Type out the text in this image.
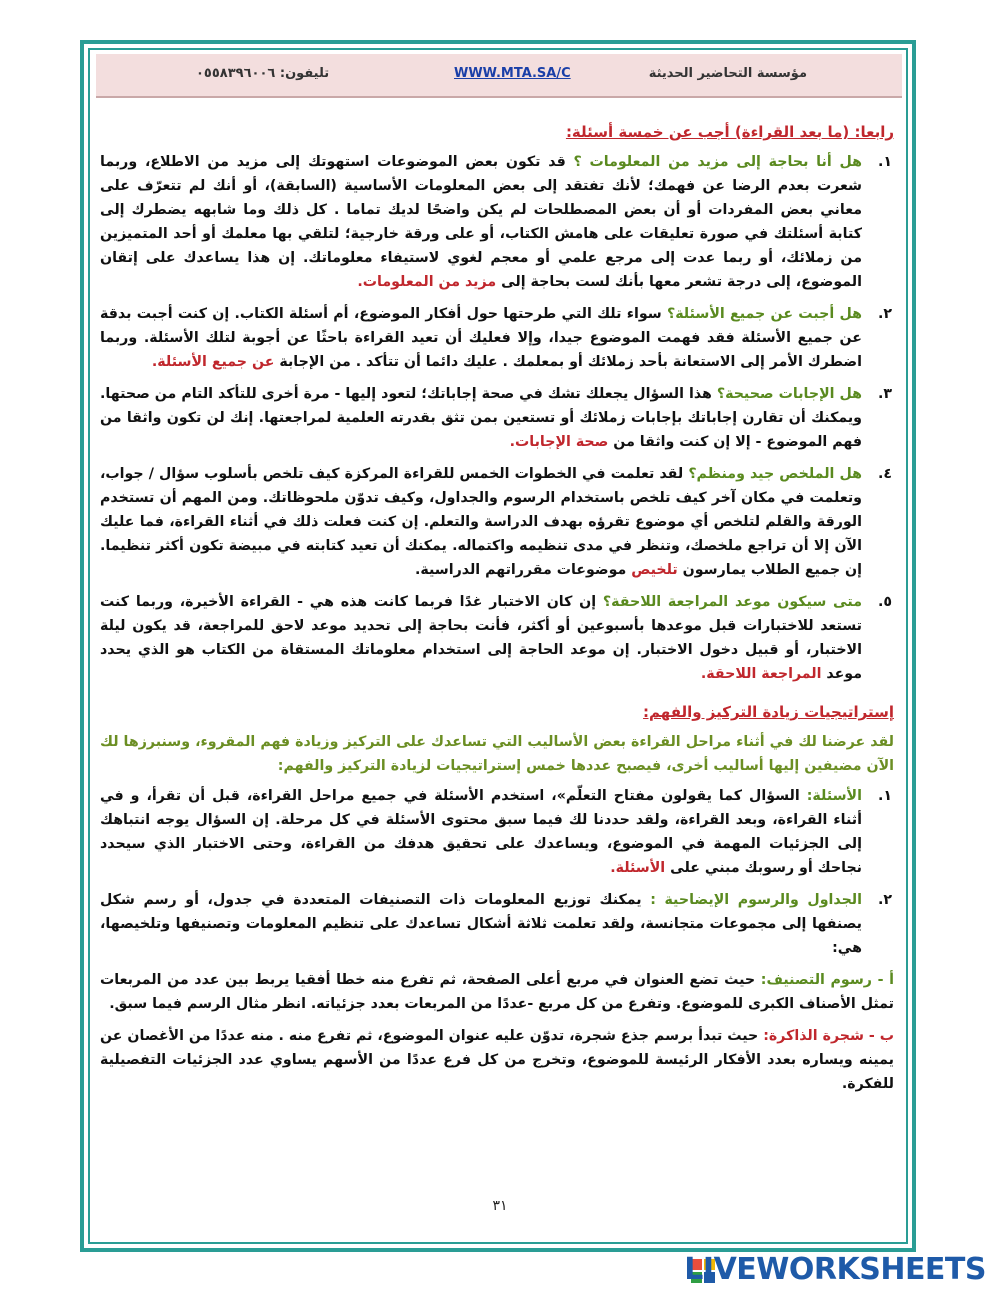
مؤسسة التحاضير الحديثة
WWW.MTA.SA/C
تليفون: ٠٥٥٨٣٩٦٠٠٦
رابعا: (ما بعد القراءة) أجب عن خمسة أسئلة:
١.
هل أنا بحاجة إلى مزيد من المعلومات ؟ قد تكون بعض الموضوعات استهوتك إلى مزيد من الاطلاع، وربما شعرت بعدم الرضا عن فهمك؛ لأنك تفتقد إلى بعض المعلومات الأساسية (السابقة)، أو أنك لم تتعرّف على معاني بعض المفردات أو أن بعض المصطلحات لم يكن واضحًا لديك تماما . كل ذلك وما شابهه يضطرك إلى كتابة أسئلتك في صورة تعليقات على هامش الكتاب، أو على ورقة خارجية؛ لتلقي بها معلمك أو أحد المتميزين من زملائك، أو ربما عدت إلى مرجع علمي أو معجم لغوي لاستيفاء معلوماتك. إن هذا يساعدك على إتقان الموضوع، إلى درجة تشعر معها بأنك لست بحاجة إلى مزيد من المعلومات.
٢.
هل أجبت عن جميع الأسئلة؟ سواء تلك التي طرحتها حول أفكار الموضوع، أم أسئلة الكتاب. إن كنت أجبت بدقة عن جميع الأسئلة فقد فهمت الموضوع جيدا، وإلا فعليك أن تعيد القراءة باحثًا عن أجوبة لتلك الأسئلة. وربما اضطرك الأمر إلى الاستعانة بأحد زملائك أو بمعلمك . عليك دائما أن تتأكد . من الإجابة عن جميع الأسئلة.
٣.
هل الإجابات صحيحة؟ هذا السؤال يجعلك تشك في صحة إجاباتك؛ لتعود إليها - مرة أخرى للتأكد التام من صحتها. ويمكنك أن تقارن إجاباتك بإجابات زملائك أو تستعين بمن تثق بقدرته العلمية لمراجعتها. إنك لن تكون واثقا من فهم الموضوع - إلا إن كنت واثقا من صحة الإجابات.
٤.
هل الملخص جيد ومنظم؟ لقد تعلمت في الخطوات الخمس للقراءة المركزة كيف تلخص بأسلوب سؤال / جواب، وتعلمت في مكان آخر كيف تلخص باستخدام الرسوم والجداول، وكيف تدوّن ملحوظاتك. ومن المهم أن تستخدم الورقة والقلم لتلخص أي موضوع تقرؤه بهدف الدراسة والتعلم. إن كنت فعلت ذلك في أثناء القراءة، فما عليك الآن إلا أن تراجع ملخصك، وتنظر في مدى تنظيمه واكتماله. يمكنك أن تعيد كتابته في مبيضة تكون أكثر تنظيما. إن جميع الطلاب يمارسون تلخيص موضوعات مقرراتهم الدراسية.
٥.
متى سيكون موعد المراجعة اللاحقة؟ إن كان الاختبار غدًا فربما كانت هذه هي - القراءة الأخيرة، وربما كنت تستعد للاختبارات قبل موعدها بأسبوعين أو أكثر، فأنت بحاجة إلى تحديد موعد لاحق للمراجعة، قد يكون ليلة الاختبار، أو قبيل دخول الاختبار. إن موعد الحاجة إلى استخدام معلوماتك المستقاة من الكتاب هو الذي يحدد موعد المراجعة اللاحقة.
إستراتيجيات زيادة التركيز والفهم:
لقد عرضنا لك في أثناء مراحل القراءة بعض الأساليب التي تساعدك على التركيز وزيادة فهم المقروء، وسنبرزها لك الآن مضيفين إليها أساليب أخرى، فيصبح عددها خمس إستراتيجيات لزيادة التركيز والفهم:
١.
الأسئلة: السؤال كما يقولون مفتاح التعلّم»، استخدم الأسئلة في جميع مراحل القراءة، قبل أن تقرأ، و في أثناء القراءة، وبعد القراءة، ولقد حددنا لك فيما سبق محتوى الأسئلة في كل مرحلة. إن السؤال يوجه انتباهك إلى الجزئيات المهمة في الموضوع، ويساعدك على تحقيق هدفك من القراءة، وحتى الاختبار الذي سيحدد نجاحك أو رسوبك مبني على الأسئلة.
٢.
الجداول والرسوم الإيضاحية : يمكنك توزيع المعلومات ذات التصنيفات المتعددة في جدول، أو رسم شكل يصنفها إلى مجموعات متجانسة، ولقد تعلمت ثلاثة أشكال تساعدك على تنظيم المعلومات وتصنيفها وتلخيصها، هي:
أ - رسوم التصنيف: حيث تضع العنوان في مربع أعلى الصفحة، ثم تفرع منه خطا أفقيا يربط بين عدد من المربعات تمثل الأصناف الكبرى للموضوع. وتفرع من كل مربع -عددًا من المربعات بعدد جزئياته. انظر مثال الرسم فيما سبق.
ب - شجرة الذاكرة: حيث تبدأ برسم جذع شجرة، تدوّن عليه عنوان الموضوع، ثم تفرع منه . منه عددًا من الأغصان عن يمينه ويساره بعدد الأفكار الرئيسة للموضوع، وتخرج من كل فرع عددًا من الأسهم يساوي عدد الجزئيات التفصيلية للفكرة.
٣١
LIVEWORKSHEETS
